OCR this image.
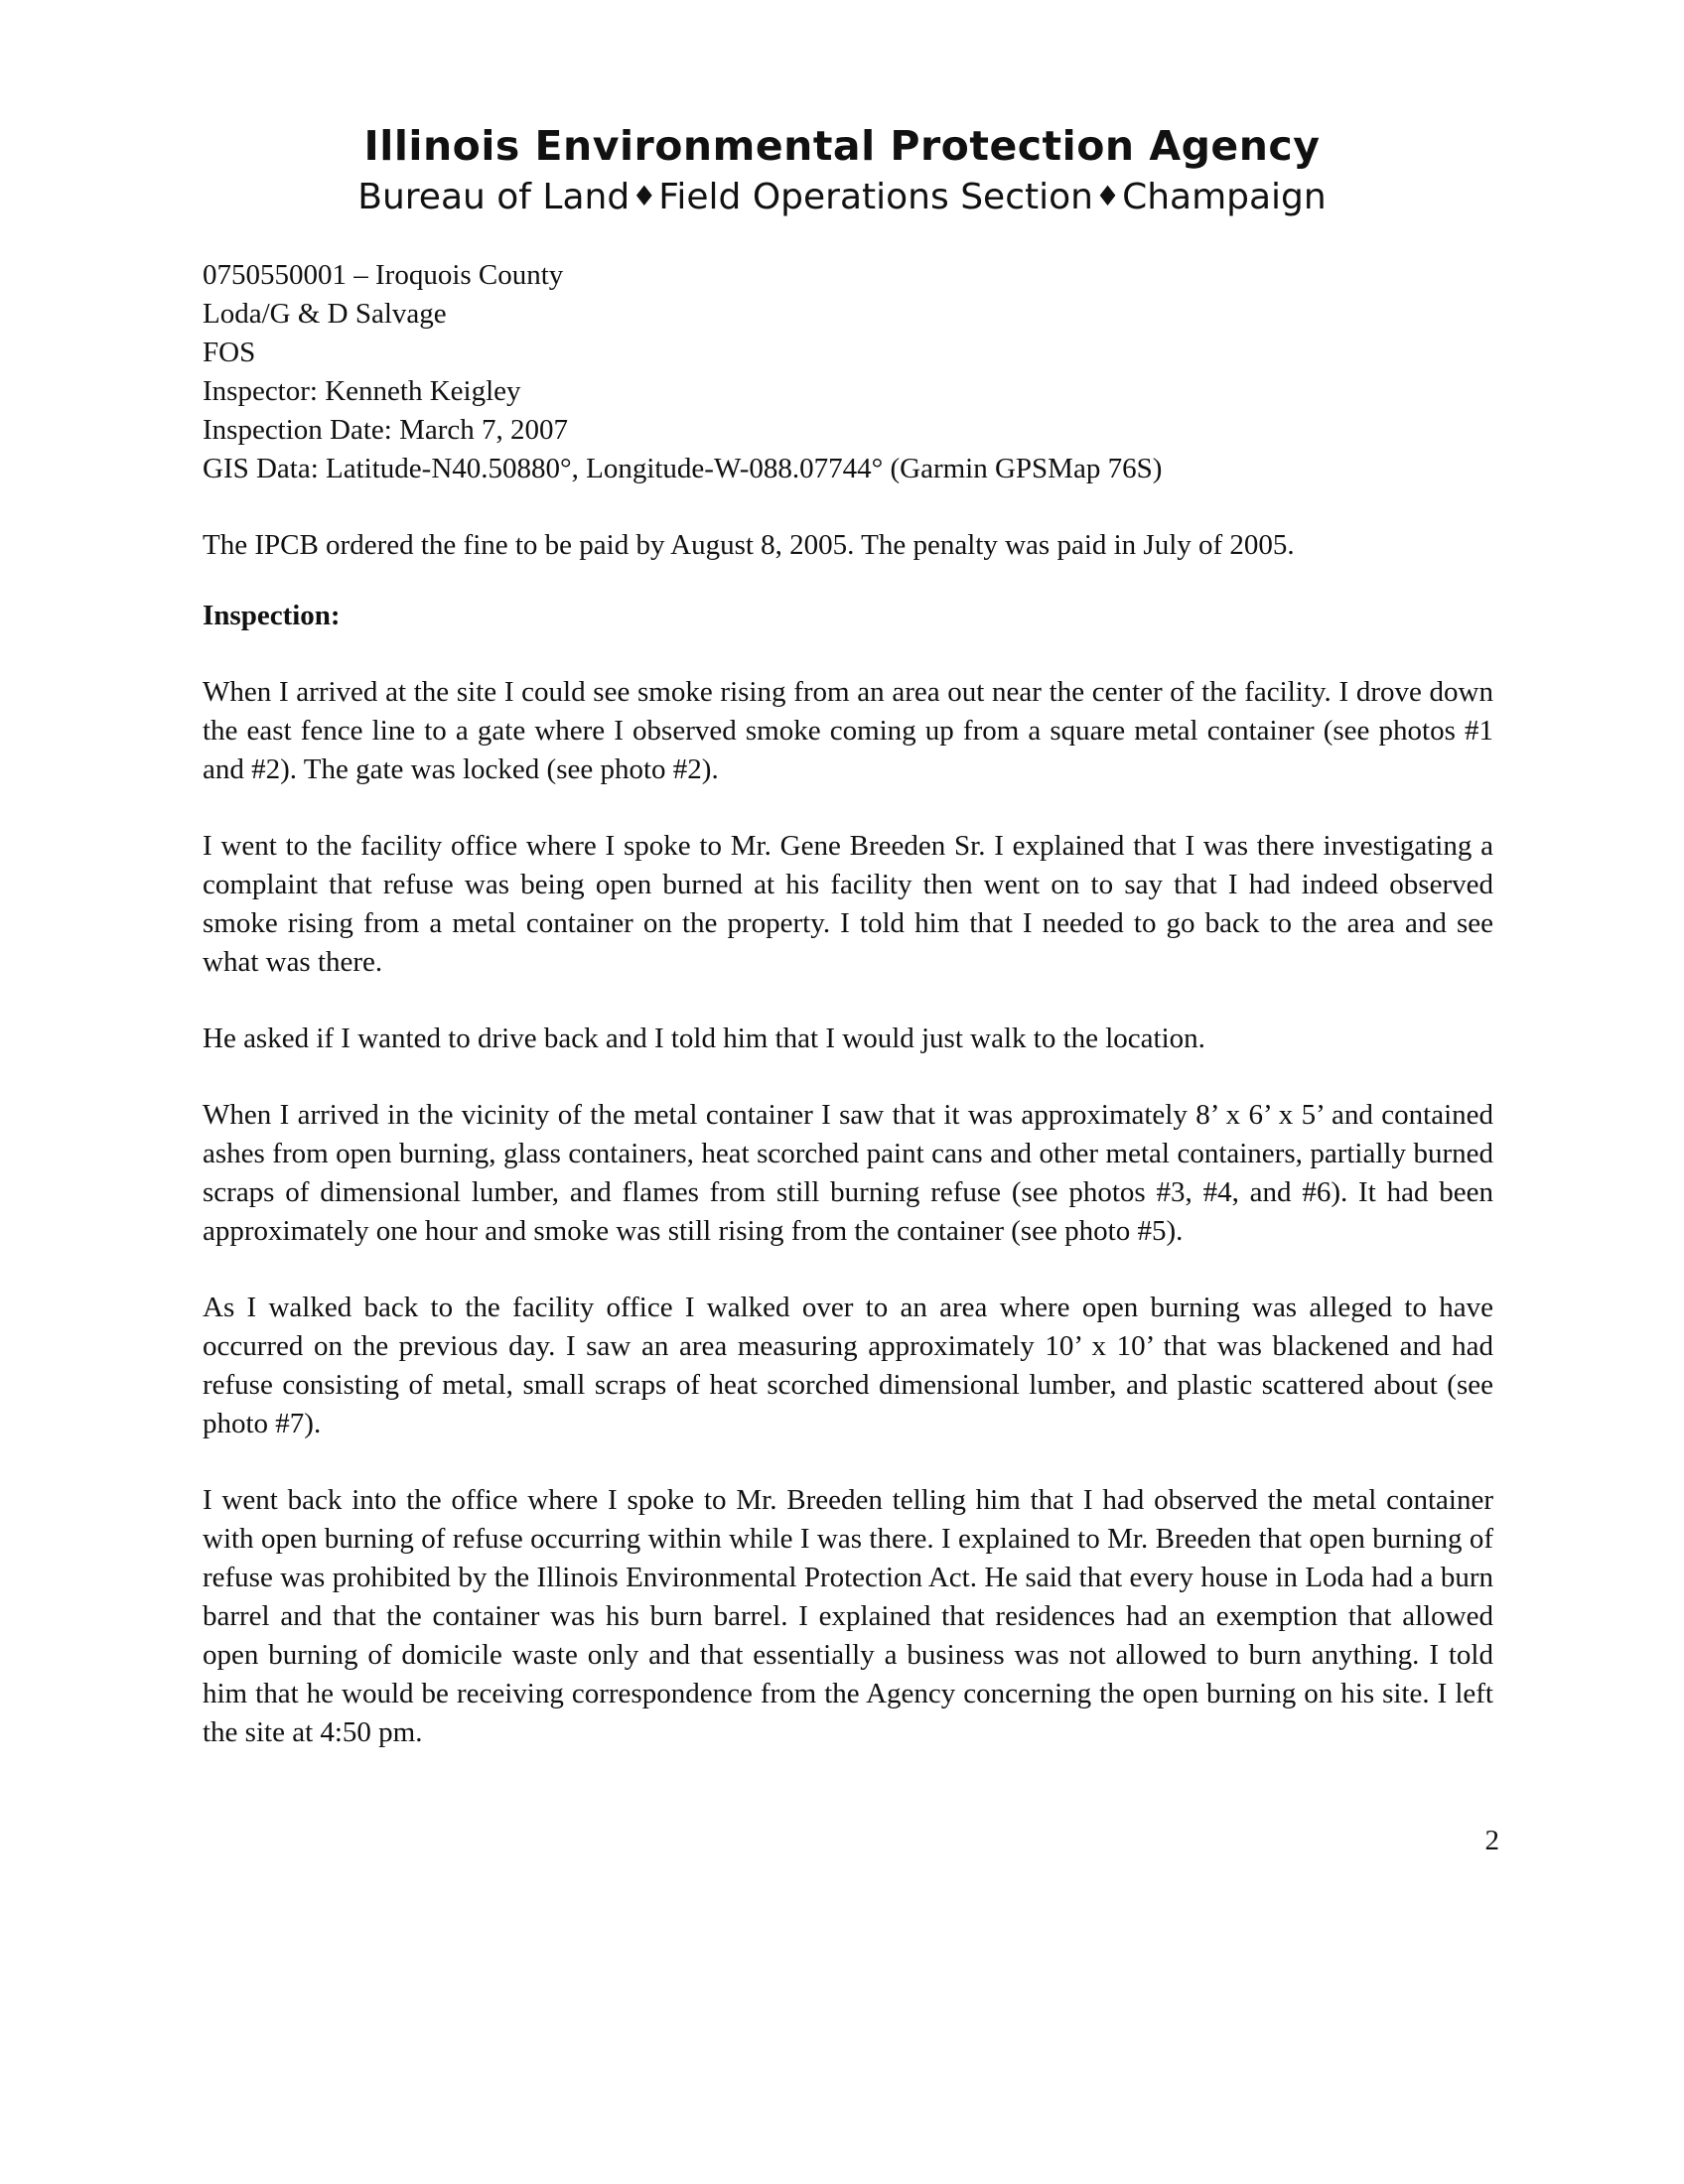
Illinois Environmental Protection Agency

Bureau of Land♦Field Operations Section♦Champaign

0750550001 – Iroquois County

Loda/G & D Salvage

FOS

Inspector: Kenneth Keigley

Inspection Date: March 7, 2007

GIS Data: Latitude-N40.50880°, Longitude-W-088.07744° (Garmin GPSMap 76S)

The IPCB ordered the fine to be paid by August 8, 2005. The penalty was paid in July of 2005.

Inspection:

When I arrived at the site I could see smoke rising from an area out near the center of the facility. I drove down the east fence line to a gate where I observed smoke coming up from a square metal container (see photos #1 and #2). The gate was locked (see photo #2).

I went to the facility office where I spoke to Mr. Gene Breeden Sr. I explained that I was there investigating a complaint that refuse was being open burned at his facility then went on to say that I had indeed observed smoke rising from a metal container on the property. I told him that I needed to go back to the area and see what was there.

He asked if I wanted to drive back and I told him that I would just walk to the location.

When I arrived in the vicinity of the metal container I saw that it was approximately 8’ x 6’ x 5’ and contained ashes from open burning, glass containers, heat scorched paint cans and other metal containers, partially burned scraps of dimensional lumber, and flames from still burning refuse (see photos #3, #4, and #6). It had been approximately one hour and smoke was still rising from the container (see photo #5).

As I walked back to the facility office I walked over to an area where open burning was alleged to have occurred on the previous day. I saw an area measuring approximately 10’ x 10’ that was blackened and had refuse consisting of metal, small scraps of heat scorched dimensional lumber, and plastic scattered about (see photo #7).

I went back into the office where I spoke to Mr. Breeden telling him that I had observed the metal container with open burning of refuse occurring within while I was there. I explained to Mr. Breeden that open burning of refuse was prohibited by the Illinois Environmental Protection Act. He said that every house in Loda had a burn barrel and that the container was his burn barrel. I explained that residences had an exemption that allowed open burning of domicile waste only and that essentially a business was not allowed to burn anything. I told him that he would be receiving correspondence from the Agency concerning the open burning on his site. I left the site at 4:50 pm.

2
